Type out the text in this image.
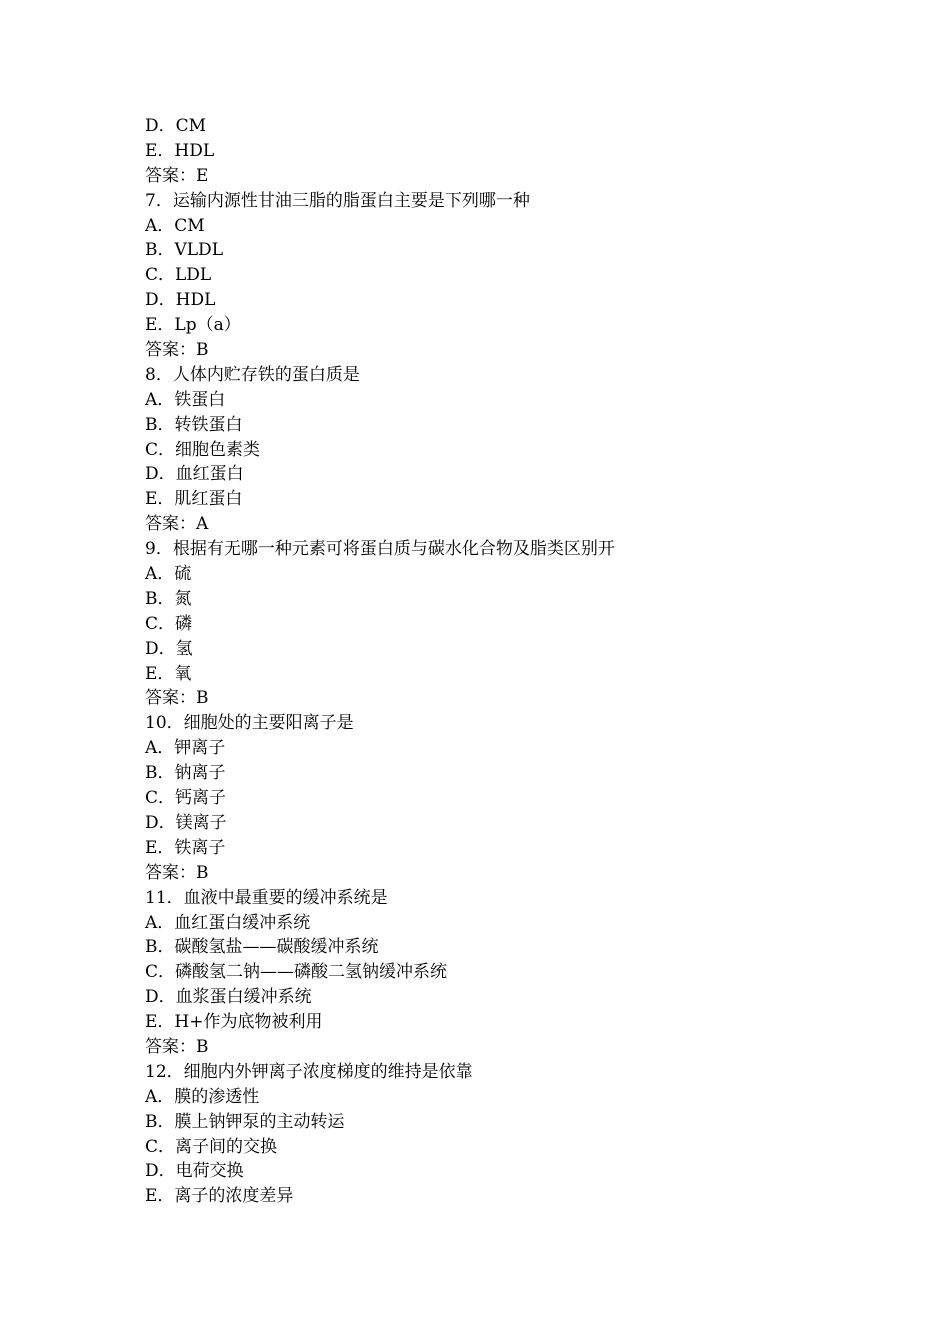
D．CM
E．HDL
答案：E
7．运输内源性甘油三脂的脂蛋白主要是下列哪一种
A．CM
B．VLDL
C．LDL
D．HDL
E．Lp（a）
答案：B
8．人体内贮存铁的蛋白质是
A．铁蛋白
B．转铁蛋白
C．细胞色素类
D．血红蛋白
E．肌红蛋白
答案：A
9．根据有无哪一种元素可将蛋白质与碳水化合物及脂类区别开
A．硫
B．氮
C．磷
D．氢
E．氧
答案：B
10．细胞处的主要阳离子是
A．钾离子
B．钠离子
C．钙离子
D．镁离子
E．铁离子
答案：B
11．血液中最重要的缓冲系统是
A．血红蛋白缓冲系统
B．碳酸氢盐——碳酸缓冲系统
C．磷酸氢二钠——磷酸二氢钠缓冲系统
D．血浆蛋白缓冲系统
E．H+作为底物被利用
答案：B
12．细胞内外钾离子浓度梯度的维持是依靠
A．膜的渗透性
B．膜上钠钾泵的主动转运
C．离子间的交换
D．电荷交换
E．离子的浓度差异
